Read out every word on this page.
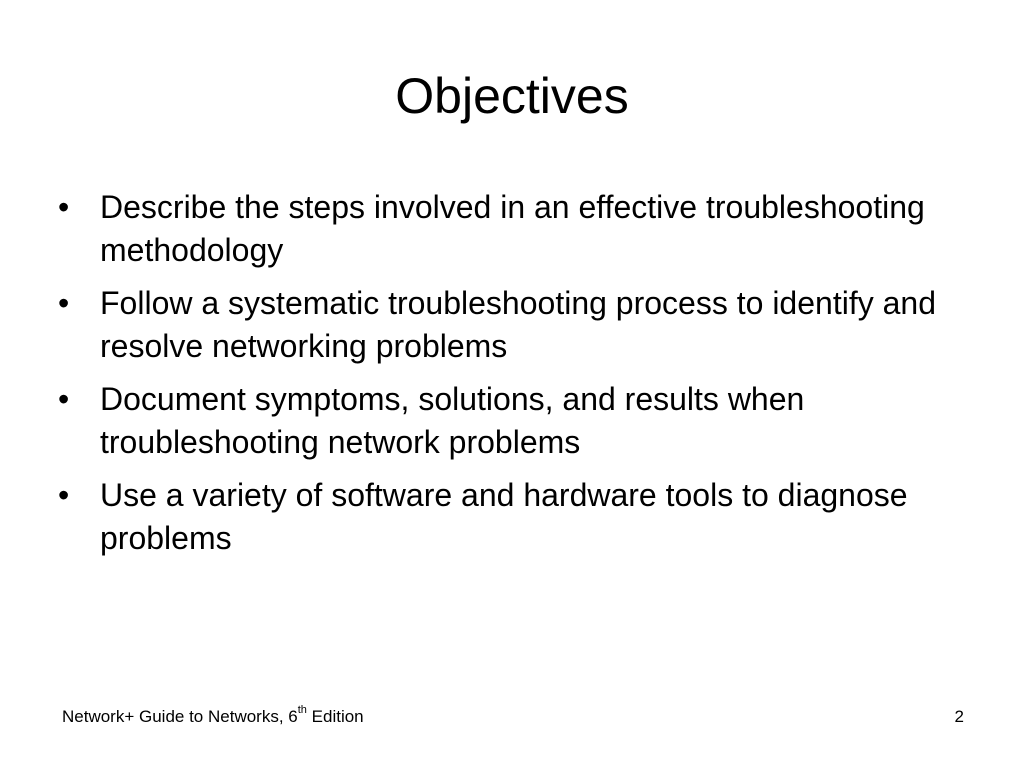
Objectives
• Describe the steps involved in an effective troubleshooting methodology
• Follow a systematic troubleshooting process to identify and resolve networking problems
• Document symptoms, solutions, and results when troubleshooting network problems
• Use a variety of software and hardware tools to diagnose problems
Network+ Guide to Networks, 6th Edition	2
